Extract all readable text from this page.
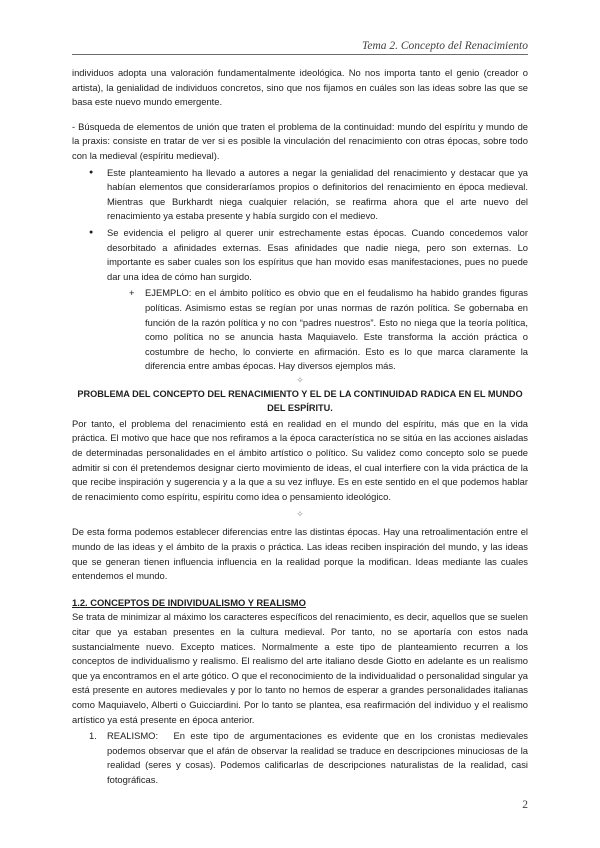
Tema 2. Concepto del Renacimiento

individuos adopta una valoración fundamentalmente ideológica. No nos importa tanto el genio (creador o artista), la genialidad de individuos concretos, sino que nos fijamos en cuáles son las ideas sobre las que se basa este nuevo mundo emergente.

- Búsqueda de elementos de unión que traten el problema de la continuidad: mundo del espíritu y mundo de la praxis: consiste en tratar de ver si es posible la vinculación del renacimiento con otras épocas, sobre todo con la medieval (espíritu medieval).

● Este planteamiento ha llevado a autores a negar la genialidad del renacimiento y destacar que ya habían elementos que consideraríamos propios o definitorios del renacimiento en época medieval. Mientras que Burkhardt niega cualquier relación, se reafirma ahora que el arte nuevo del renacimiento ya estaba presente y había surgido con el medievo.
● Se evidencia el peligro al querer unir estrechamente estas épocas. Cuando concedemos valor desorbitado a afinidades externas. Esas afinidades que nadie niega, pero son externas. Lo importante es saber cuales son los espíritus que han movido esas manifestaciones, pues no puede dar una idea de cómo han surgido.
+ EJEMPLO: en el ámbito político es obvio que en el feudalismo ha habido grandes figuras políticas. Asimismo estas se regían por unas normas de razón política. Se gobernaba en función de la razón política y no con “padres nuestros”. Esto no niega que la teoría política, como política no se anuncia hasta Maquiavelo. Este transforma la acción práctica o costumbre de hecho, lo convierte en afirmación. Esto es lo que marca claramente la diferencia entre ambas épocas. Hay diversos ejemplos más.
✧

PROBLEMA DEL CONCEPTO DEL RENACIMIENTO Y EL DE LA CONTINUIDAD RADICA EN EL MUNDO DEL ESPÍRITU.

Por tanto, el problema del renacimiento está en realidad en el mundo del espíritu, más que en la vida práctica. El motivo que hace que nos refiramos a la época característica no se sitúa en las acciones aisladas de determinadas personalidades en el ámbito artístico o político. Su validez como concepto solo se puede admitir si con él pretendemos designar cierto movimiento de ideas, el cual interfiere con la vida práctica de la que recibe inspiración y sugerencia y a la que a su vez influye. Es en este sentido en el que podemos hablar de renacimiento como espíritu, espíritu como idea o pensamiento ideológico.

✧

De esta forma podemos establecer diferencias entre las distintas épocas. Hay una retroalimentación entre el mundo de las ideas y el ámbito de la praxis o práctica. Las ideas reciben inspiración del mundo, y las ideas que se generan tienen influencia influencia en la realidad porque la modifican. Ideas mediante las cuales entendemos el mundo.

1.2. CONCEPTOS DE INDIVIDUALISMO Y REALISMO

Se trata de minimizar al máximo los caracteres específicos del renacimiento, es decir, aquellos que se suelen citar que ya estaban presentes en la cultura medieval. Por tanto, no se aportaría con estos nada sustancialmente nuevo. Excepto matices. Normalmente a este tipo de planteamiento recurren a los conceptos de individualismo y realismo. El realismo del arte italiano desde Giotto en adelante es un realismo que ya encontramos en el arte gótico. O que el reconocimiento de la individualidad o personalidad singular ya está presente en autores medievales y por lo tanto no hemos de esperar a grandes personalidades italianas como Maquiavelo, Alberti o Guicciardini. Por lo tanto se plantea, esa reafirmación del individuo y el realismo artístico ya está presente en época anterior.

1. REALISMO: En este tipo de argumentaciones es evidente que en los cronistas medievales podemos observar que el afán de observar la realidad se traduce en descripciones minuciosas de la realidad (seres y cosas). Podemos calificarlas de descripciones naturalistas de la realidad, casi fotográficas.
2
